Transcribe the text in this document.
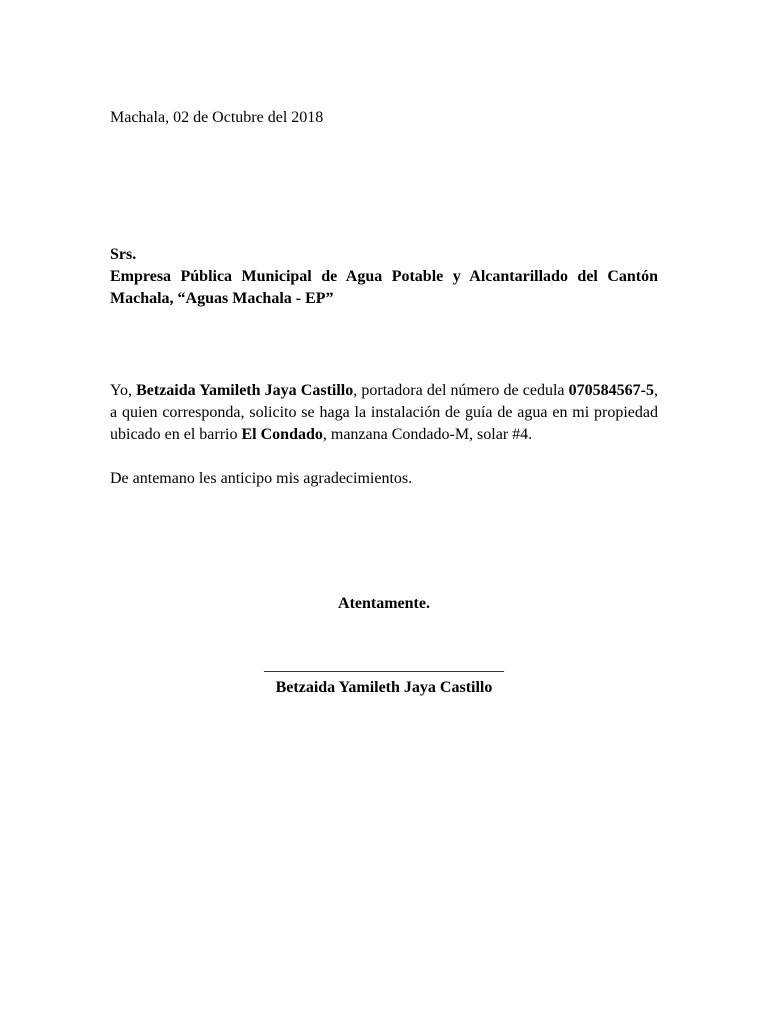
Machala, 02 de Octubre del 2018

Srs.

Empresa Pública Municipal de Agua Potable y Alcantarillado del Cantón Machala, “Aguas Machala - EP”

Yo, Betzaida Yamileth Jaya Castillo, portadora del número de cedula 070584567-5, a quien corresponda, solicito se haga la instalación de guía de agua en mi propiedad ubicado en el barrio El Condado, manzana Condado-M, solar #4.

De antemano les anticipo mis agradecimientos.

Atentamente.

______________________________
Betzaida Yamileth Jaya Castillo
